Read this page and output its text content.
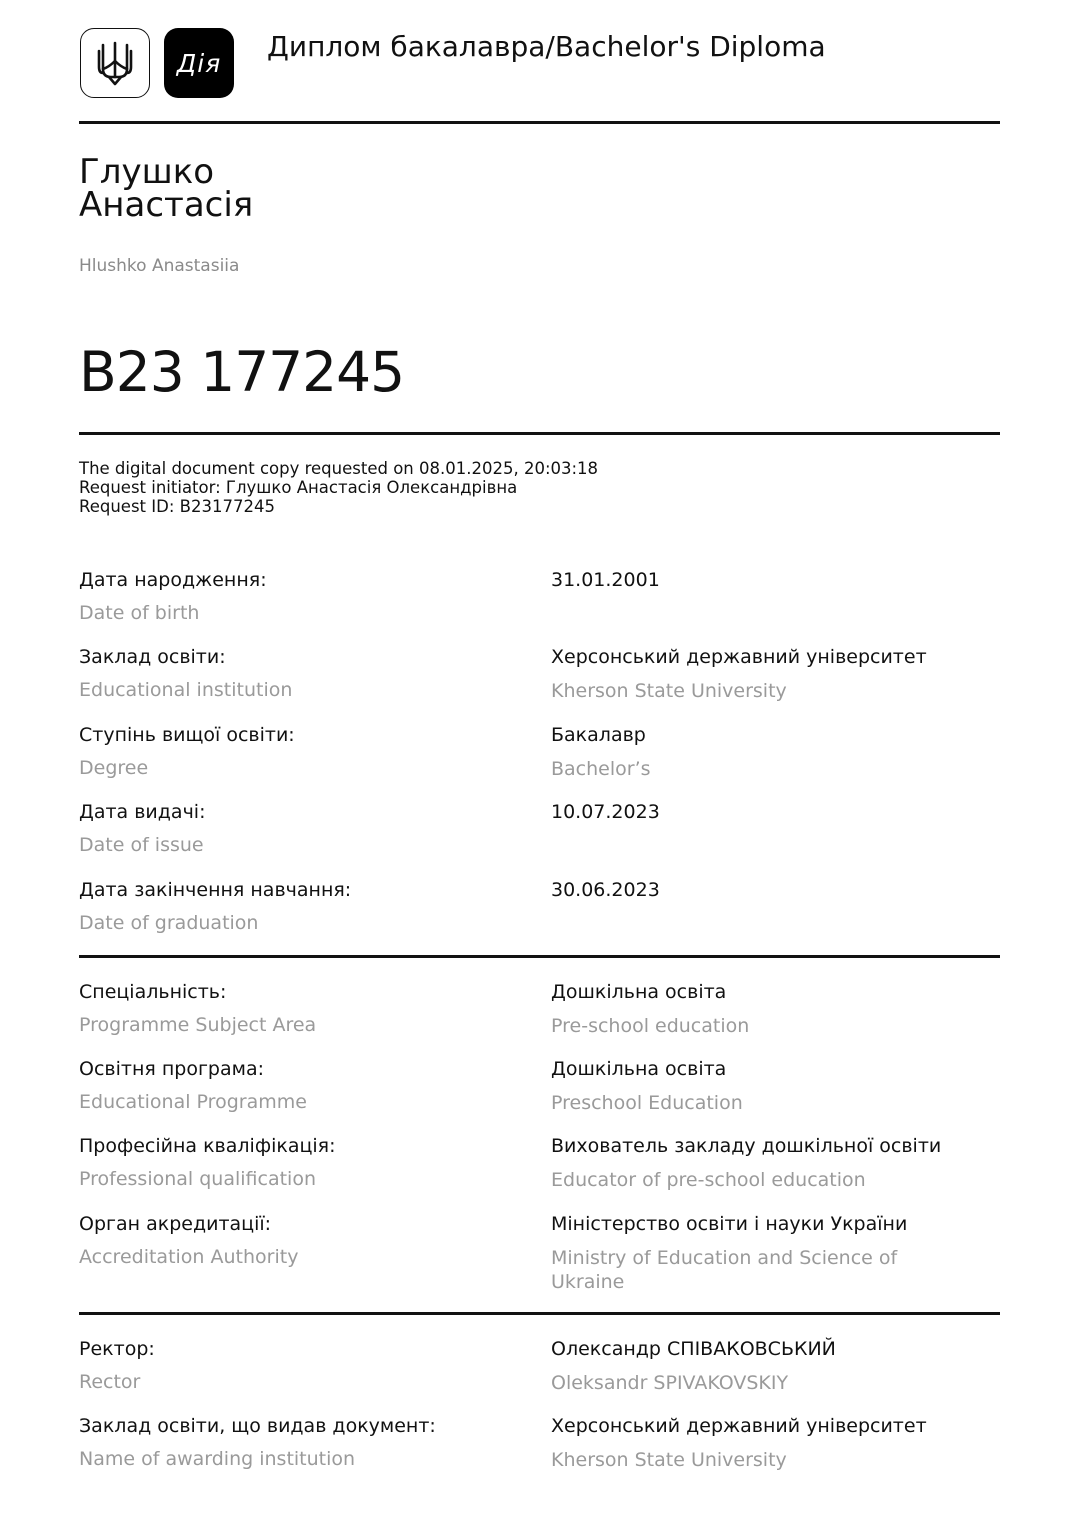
Дія Диплом бакалавра/Bachelor's Diploma
Глушко
Анастасія
Hlushko Anastasiia
B23 177245
The digital document copy requested on 08.01.2025, 20:03:18
Request initiator: Глушко Анастасія Олександрівна
Request ID: B23177245
Дата народження:
Date of birth
31.01.2001
Заклад освіти:
Educational institution
Херсонський державний університет
Kherson State University
Ступінь вищої освіти:
Degree
Бакалавр
Bachelor’s
Дата видачі:
Date of issue
10.07.2023
Дата закінчення навчання:
Date of graduation
30.06.2023
Спеціальність:
Programme Subject Area
Дошкільна освіта
Pre-school education
Освітня програма:
Educational Programme
Дошкільна освіта
Preschool Education
Професійна кваліфікація:
Professional qualification
Вихователь закладу дошкільної освіти
Educator of pre-school education
Орган акредитації:
Accreditation Authority
Міністерство освіти і науки України
Ministry of Education and Science of Ukraine
Ректор:
Rector
Олександр СПІВАКОВСЬКИЙ
Oleksandr SPIVAKOVSKIY
Заклад освіти, що видав документ:
Name of awarding institution
Херсонський державний університет
Kherson State University
